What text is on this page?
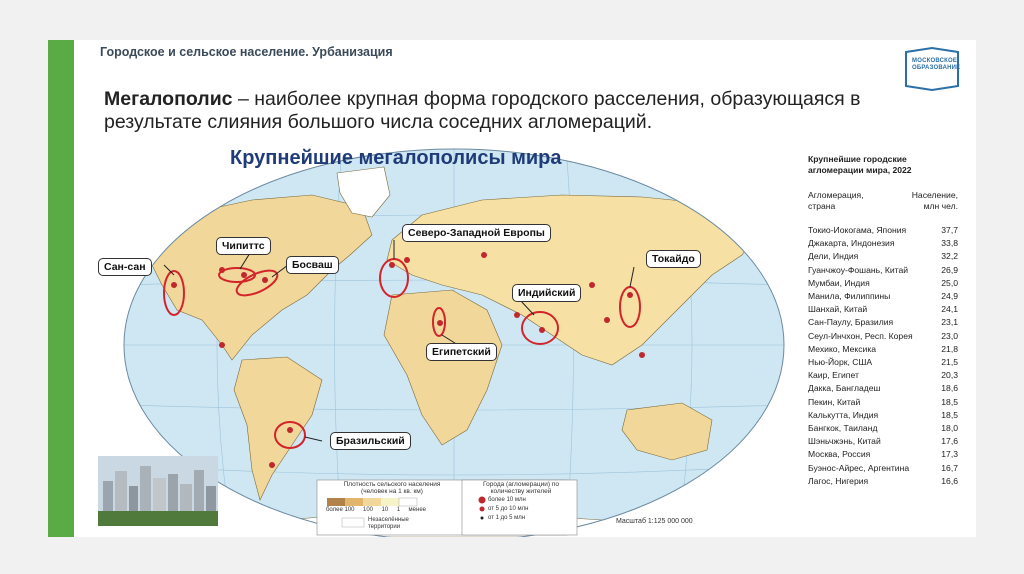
Городское и сельское население. Урбанизация
МОСКОВСКОЕ
ОБРАЗОВАНИЕ
Мегалополис – наиболее крупная форма городского расселения, образующаяся в результате слияния большого числа соседних агломераций.
Крупнейшие мегалополисы мира
Сан-сан
Чипиттс
Босваш
Северо-Западной Европы
Токайдо
Индийский
Египетский
Бразильский
Плотность сельского населения (человек на 1 кв. км)
более 100 100 10 1 менее
Незаселённые территории
Города (агломерации) по количеству жителей
более 10 млн
от 5 до 10 млн
от 1 до 5 млн	Масштаб 1:125 000 000
Крупнейшие городские агломерации мира, 2022
Агломерация, страна
Население, млн чел.
Токио-Иокогама, Япония	37,7
Джакарта, Индонезия	33,8
Дели, Индия	32,2
Гуанчжоу-Фошань, Китай	26,9
Мумбаи, Индия	25,0
Манила, Филиппины	24,9
Шанхай, Китай	24,1
Сан-Паулу, Бразилия	23,1
Сеул-Инчхон, Респ. Корея	23,0
Мехико, Мексика	21,8
Нью-Йорк, США	21,5
Каир, Египет	20,3
Дакка, Бангладеш	18,6
Пекин, Китай	18,5
Калькутта, Индия	18,5
Бангкок, Таиланд	18,0
Шэньчжэнь, Китай	17,6
Москва, Россия	17,3
Буэнос-Айрес, Аргентина	16,7
Лагос, Нигерия	16,6
